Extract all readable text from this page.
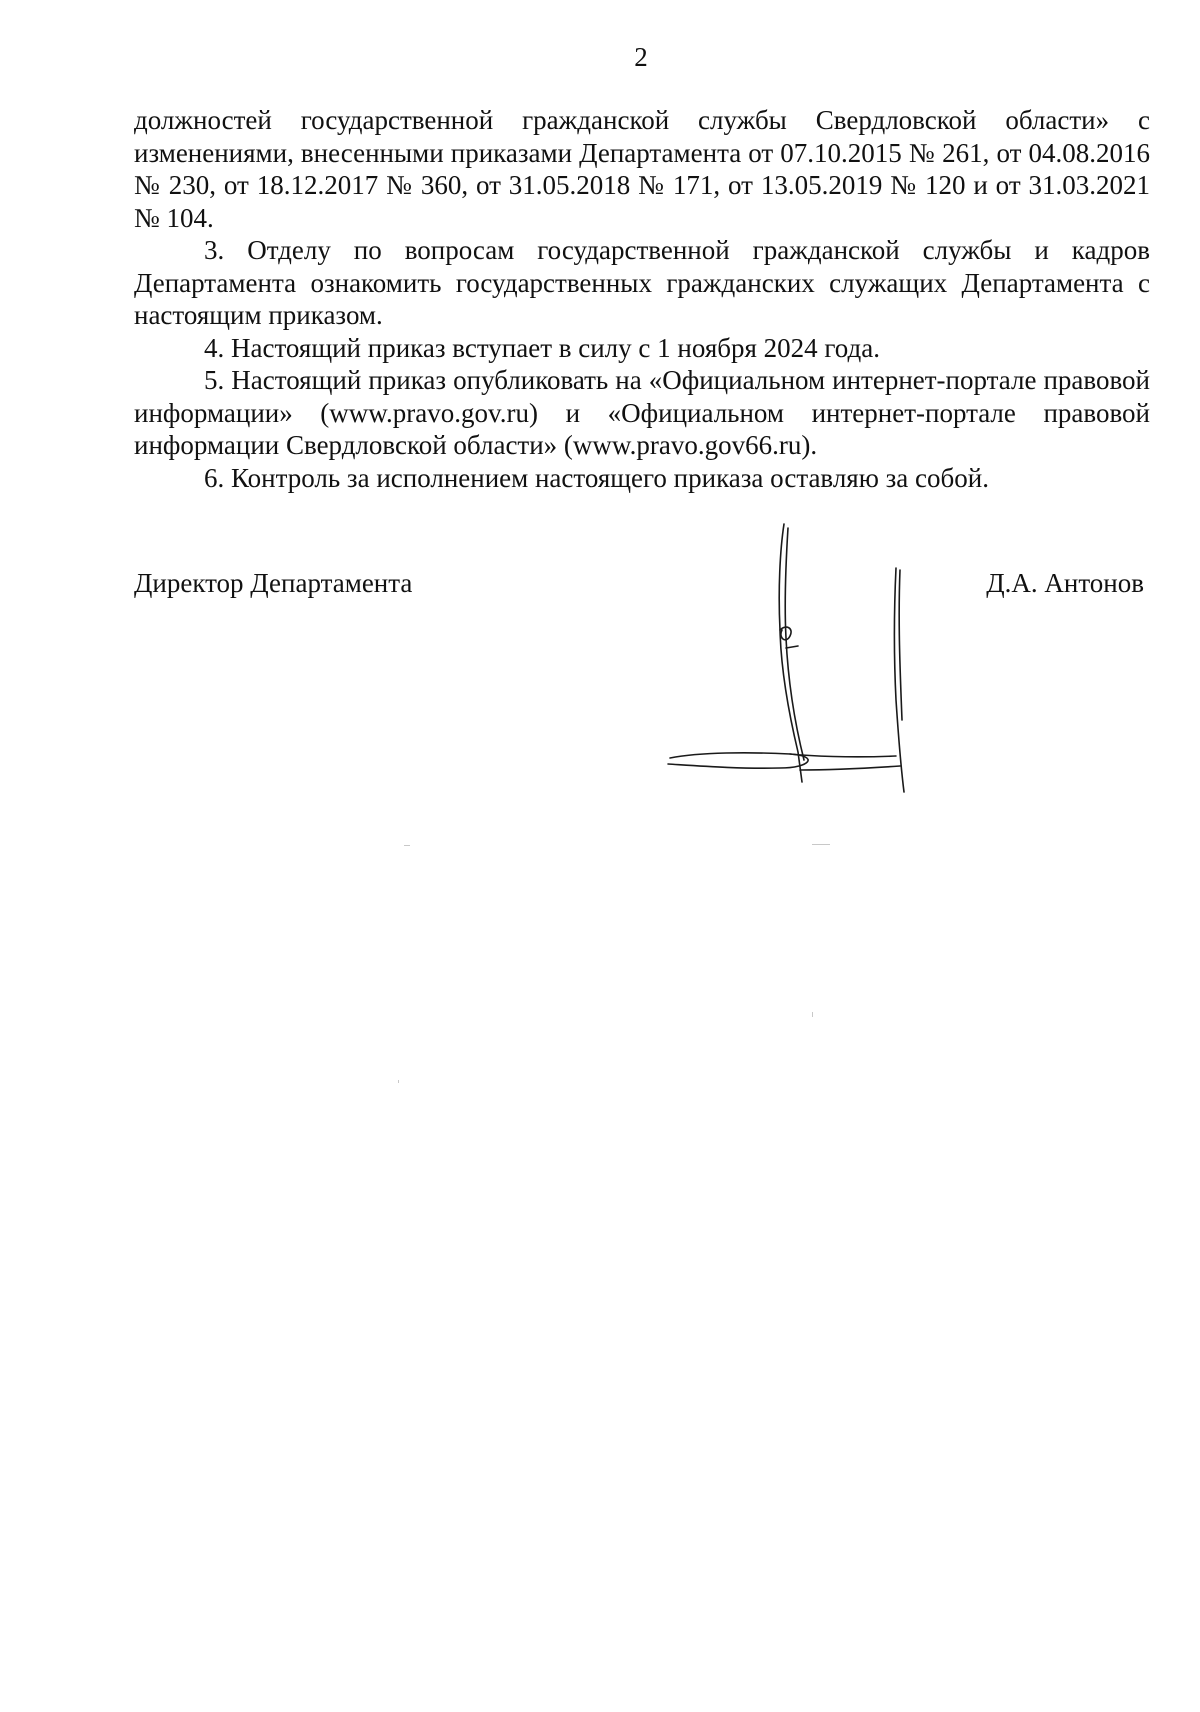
2

должностей государственной гражданской службы Свердловской области» с изменениями, внесенными приказами Департамента от 07.10.2015 № 261, от 04.08.2016 № 230, от 18.12.2017 № 360, от 31.05.2018 № 171, от 13.05.2019 № 120 и от 31.03.2021 № 104.

3. Отделу по вопросам государственной гражданской службы и кадров Департамента ознакомить государственных гражданских служащих Департамента с настоящим приказом.

4. Настоящий приказ вступает в силу с 1 ноября 2024 года.

5. Настоящий приказ опубликовать на «Официальном интернет-портале правовой информации» (www.pravo.gov.ru) и «Официальном интернет-портале правовой информации Свердловской области» (www.pravo.gov66.ru).

6. Контроль за исполнением настоящего приказа оставляю за собой.

Директор Департамента	Д.А. Антонов
